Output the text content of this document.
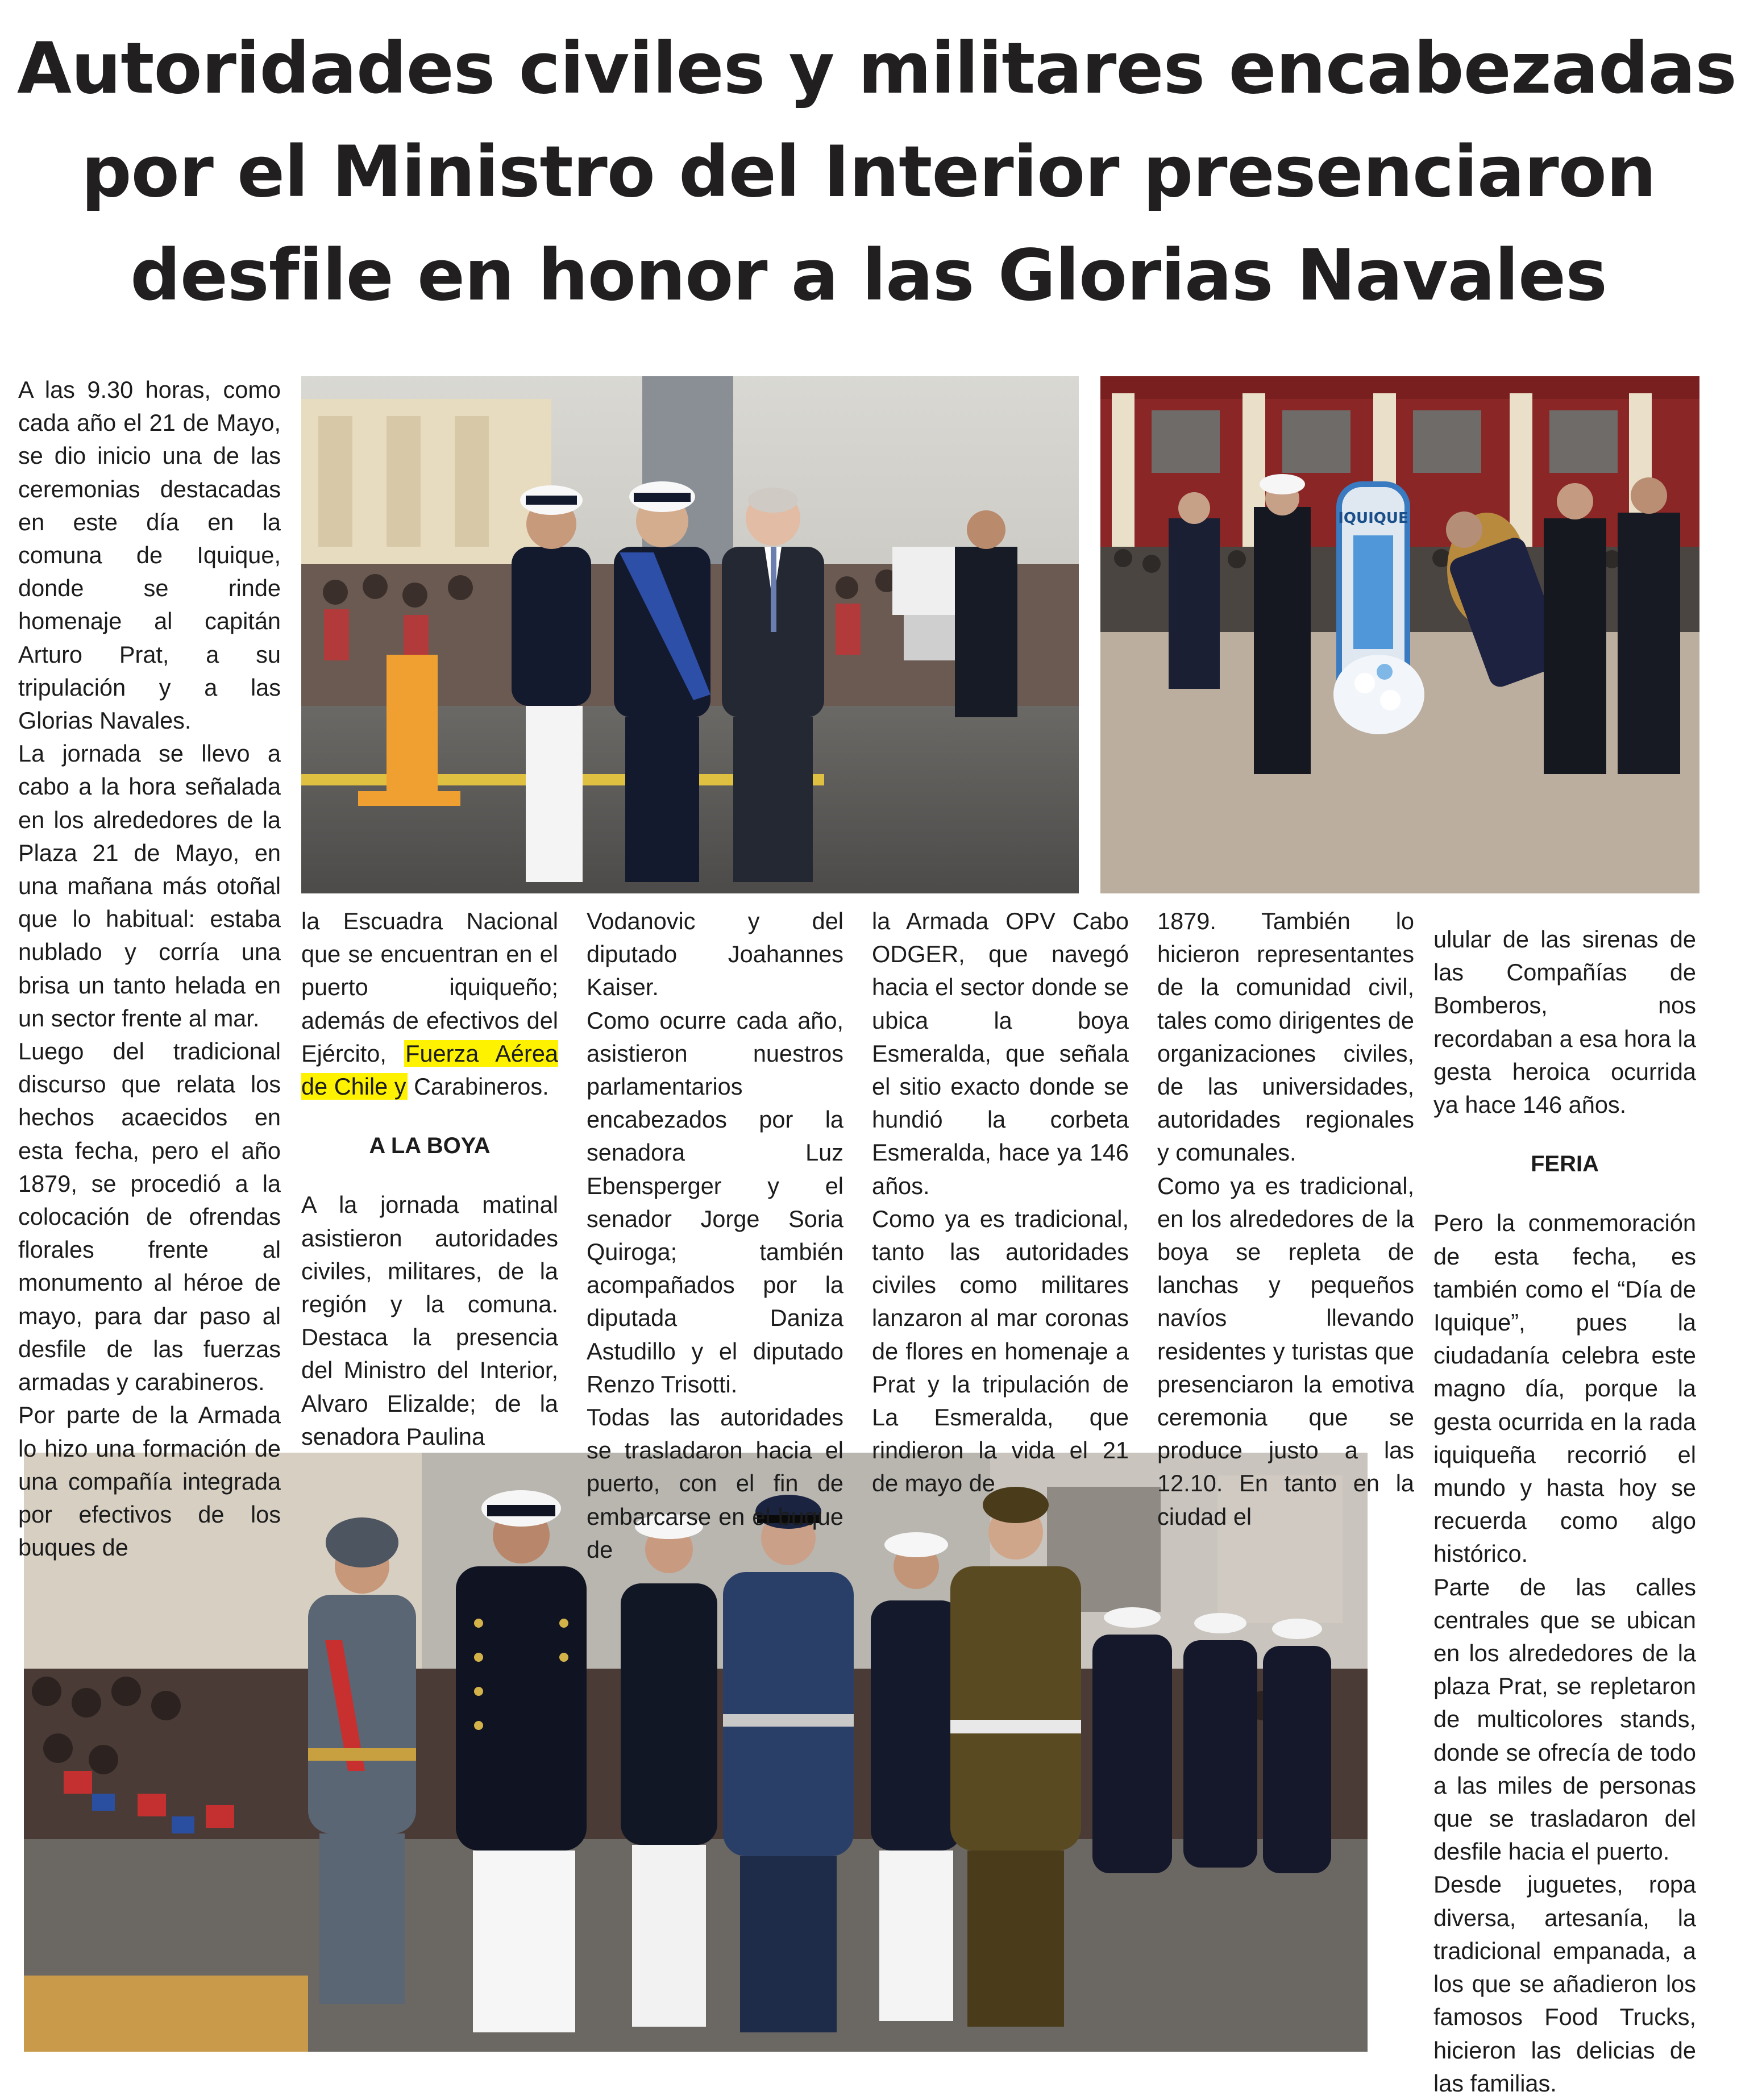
Autoridades civiles y militares encabezadas
por el Ministro del Interior presenciaron
desfile en honor a las Glorias Navales
IQUIQUE

A las 9.30 horas, como cada año el 21 de Mayo, se dio inicio una de las ceremonias destacadas en este día en la comuna de Iquique, donde se rinde homenaje al capitán Arturo Prat, a su tripulación y a las Glorias Navales.

La jornada se llevo a cabo a la hora señalada en los alrededores de la Plaza 21 de Mayo, en una mañana más otoñal que lo habitual: estaba nublado y corría una brisa un tanto helada en un sector frente al mar.

Luego del tradicional discurso que relata los hechos acaecidos en esta fecha, pero el año 1879, se procedió a la colocación de ofrendas florales frente al monumento al héroe de mayo, para dar paso al desfile de las fuerzas armadas y carabineros.

Por parte de la Armada lo hizo una formación de una compañía integrada por efectivos de los buques de

la Escuadra Nacional que se encuentran en el puerto iquiqueño; además de efectivos del Ejército, Fuerza Aérea de Chile y Carabineros.

A LA BOYA

A la jornada matinal asistieron autoridades civiles, militares, de la región y la comuna. Destaca la presencia del Ministro del Interior, Alvaro Elizalde; de la senadora Paulina

Vodanovic y del diputado Joahannes Kaiser.

Como ocurre cada año, asistieron nuestros parlamentarios encabezados por la senadora Luz Ebensperger y el senador Jorge Soria Quiroga; también acompañados por la diputada Daniza Astudillo y el diputado Renzo Trisotti.

Todas las autoridades se trasladaron hacia el puerto, con el fin de embarcarse en el buque de

la Armada OPV Cabo ODGER, que navegó hacia el sector donde se ubica la boya Esmeralda, que señala el sitio exacto donde se hundió la corbeta Esmeralda, hace ya 146 años.

Como ya es tradicional, tanto las autoridades civiles como militares lanzaron al mar coronas de flores en homenaje a Prat y la tripulación de La Esmeralda, que rindieron la vida el 21 de mayo de

1879. También lo hicieron representantes de la comunidad civil, tales como dirigentes de organizaciones civiles, de las universidades, autoridades regionales y comunales.

Como ya es tradicional, en los alrededores de la boya se repleta de lanchas y pequeños navíos llevando residentes y turistas que presenciaron la emotiva ceremonia que se produce justo a las 12.10. En tanto en la ciudad el

ulular de las sirenas de las Compañías de Bomberos, nos recordaban a esa hora la gesta heroica ocurrida ya hace 146 años.

FERIA

Pero la conmemoración de esta fecha, es también como el “Día de Iquique”, pues la ciudadanía celebra este magno día, porque la gesta ocurrida en la rada iquiqueña recorrió el mundo y hasta hoy se recuerda como algo histórico.

Parte de las calles centrales que se ubican en los alrededores de la plaza Prat, se repletaron de multicolores stands, donde se ofrecía de todo a las miles de personas que se trasladaron del desfile hacia el puerto.

Desde juguetes, ropa diversa, artesanía, la tradicional empanada, a los que se añadieron los famosos Food Trucks, hicieron las delicias de las familias.
